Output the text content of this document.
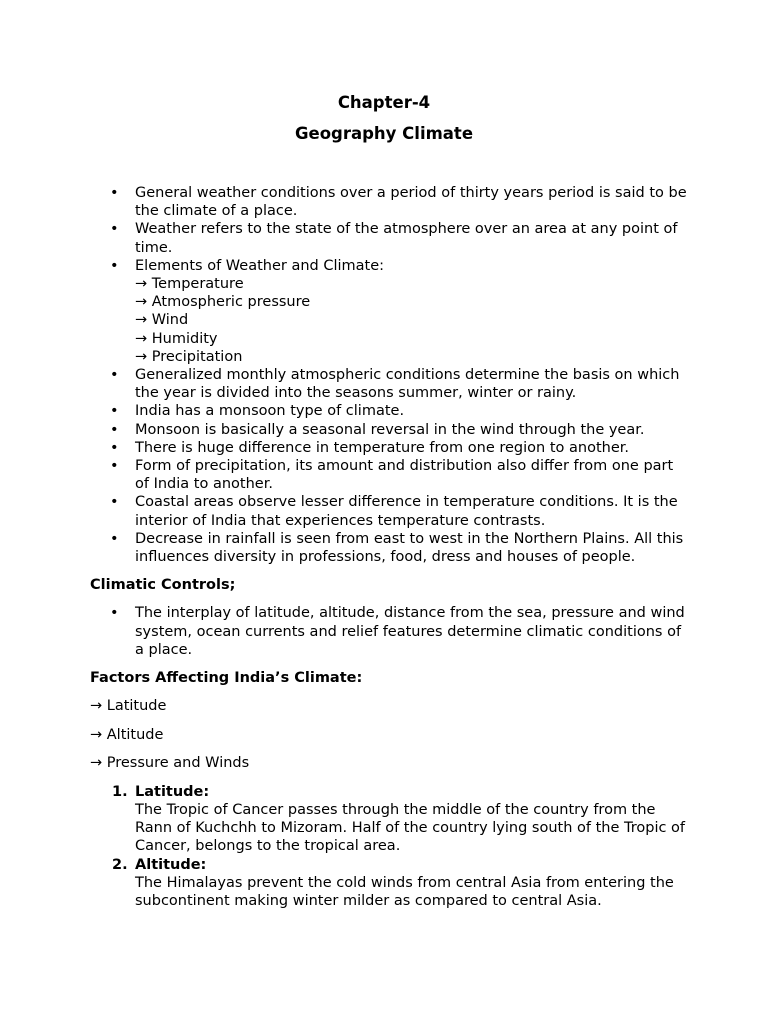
Chapter-4
Geography Climate
• General weather conditions over a period of thirty years period is said to be the climate of a place.
• Weather refers to the state of the atmosphere over an area at any point of time.
• Elements of Weather and Climate:
→ Temperature
→ Atmospheric pressure
→ Wind
→ Humidity
→ Precipitation
• Generalized monthly atmospheric conditions determine the basis on which the year is divided into the seasons summer, winter or rainy.
• India has a monsoon type of climate.
• Monsoon is basically a seasonal reversal in the wind through the year.
• There is huge difference in temperature from one region to another.
• Form of precipitation, its amount and distribution also differ from one part of India to another.
• Coastal areas observe lesser difference in temperature conditions. It is the interior of India that experiences temperature contrasts.
• Decrease in rainfall is seen from east to west in the Northern Plains. All this influences diversity in professions, food, dress and houses of people.
Climatic Controls;
• The interplay of latitude, altitude, distance from the sea, pressure and wind system, ocean currents and relief features determine climatic conditions of a place.
Factors Affecting India’s Climate:
→ Latitude
→ Altitude
→ Pressure and Winds
1. Latitude:
The Tropic of Cancer passes through the middle of the country from the Rann of Kuchchh to Mizoram. Half of the country lying south of the Tropic of Cancer, belongs to the tropical area.
2. Altitude:
The Himalayas prevent the cold winds from central Asia from entering the subcontinent making winter milder as compared to central Asia.
